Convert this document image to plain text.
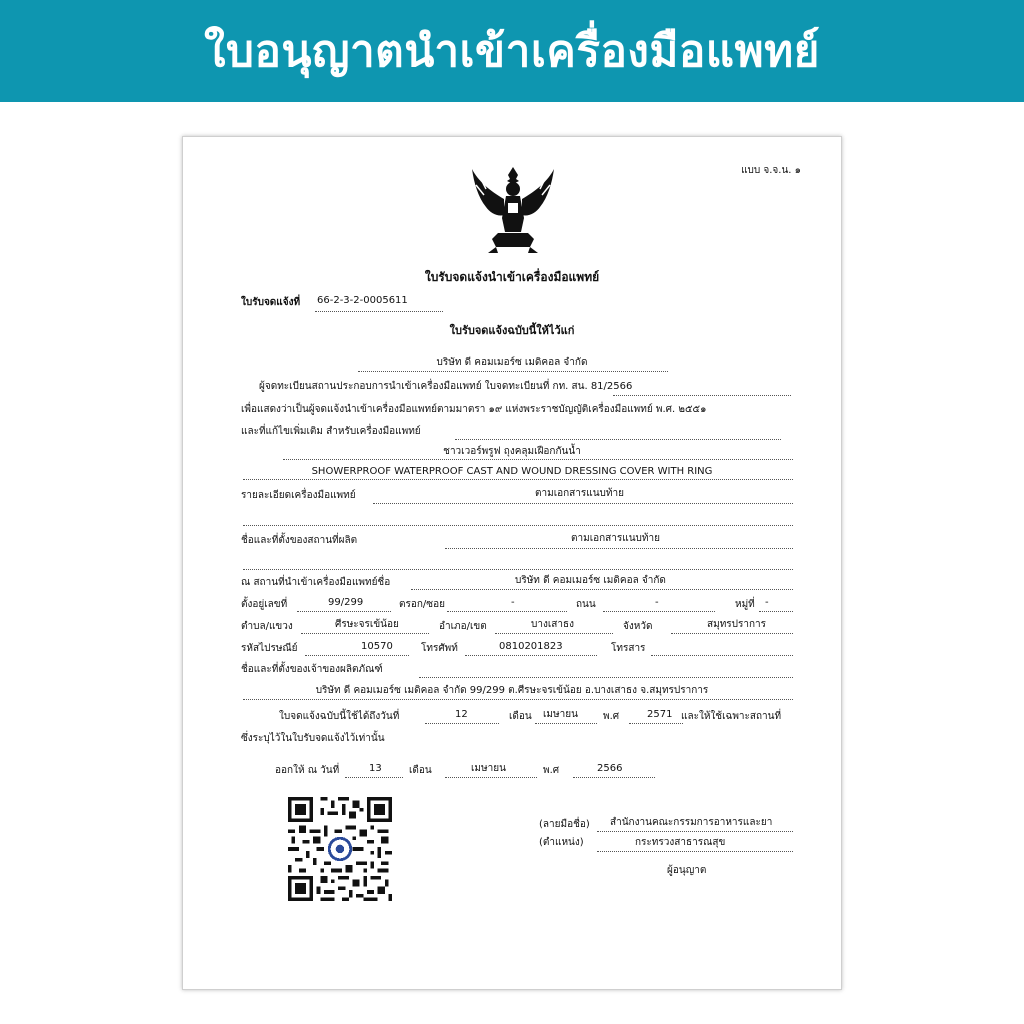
ใบอนุญาตนำเข้าเครื่องมือแพทย์
แบบ จ.จ.น. ๑
ใบรับจดแจ้งนำเข้าเครื่องมือแพทย์
ใบรับจดแจ้งที่ 66-2-3-2-0005611
ใบรับจดแจ้งฉบับนี้ให้ไว้แก่
บริษัท ดี คอมเมอร์ซ เมดิคอล จำกัด
ผู้จดทะเบียนสถานประกอบการนำเข้าเครื่องมือแพทย์ ใบจดทะเบียนที่ กท. สน. 81/2566
เพื่อแสดงว่าเป็นผู้จดแจ้งนำเข้าเครื่องมือแพทย์ตามมาตรา ๑๙ แห่งพระราชบัญญัติเครื่องมือแพทย์ พ.ศ. ๒๕๕๑
และที่แก้ไขเพิ่มเติม สำหรับเครื่องมือแพทย์
ชาวเวอร์พรูฟ ถุงคลุมเฝือกกันน้ำ
SHOWERPROOF WATERPROOF CAST AND WOUND DRESSING COVER WITH RING
รายละเอียดเครื่องมือแพทย์	ตามเอกสารแนบท้าย
ชื่อและที่ตั้งของสถานที่ผลิต	ตามเอกสารแนบท้าย
ณ สถานที่นำเข้าเครื่องมือแพทย์ชื่อ	บริษัท ดี คอมเมอร์ซ เมดิคอล จำกัด
ตั้งอยู่เลขที่	99/299	ตรอก/ซอย	-	ถนน	-	หมู่ที่ -
ตำบล/แขวง	ศีรษะจรเข้น้อย	อำเภอ/เขต	บางเสาธง	จังหวัด	สมุทรปราการ
รหัสไปรษณีย์	10570	โทรศัพท์	0810201823	โทรสาร
ชื่อและที่ตั้งของเจ้าของผลิตภัณฑ์
บริษัท ดี คอมเมอร์ซ เมดิคอล จำกัด 99/299 ต.ศีรษะจรเข้น้อย อ.บางเสาธง จ.สมุทรปราการ
ใบจดแจ้งฉบับนี้ใช้ได้ถึงวันที่	12	เดือน เมษายน	พ.ศ	2571 และให้ใช้เฉพาะสถานที่
ซึ่งระบุไว้ในใบรับจดแจ้งไว้เท่านั้น
ออกให้ ณ วันที่	13	เดือน	เมษายน	พ.ศ	2566
(ลายมือชื่อ) สำนักงานคณะกรรมการอาหารและยา
(ตำแหน่ง)	กระทรวงสาธารณสุข
ผู้อนุญาต
